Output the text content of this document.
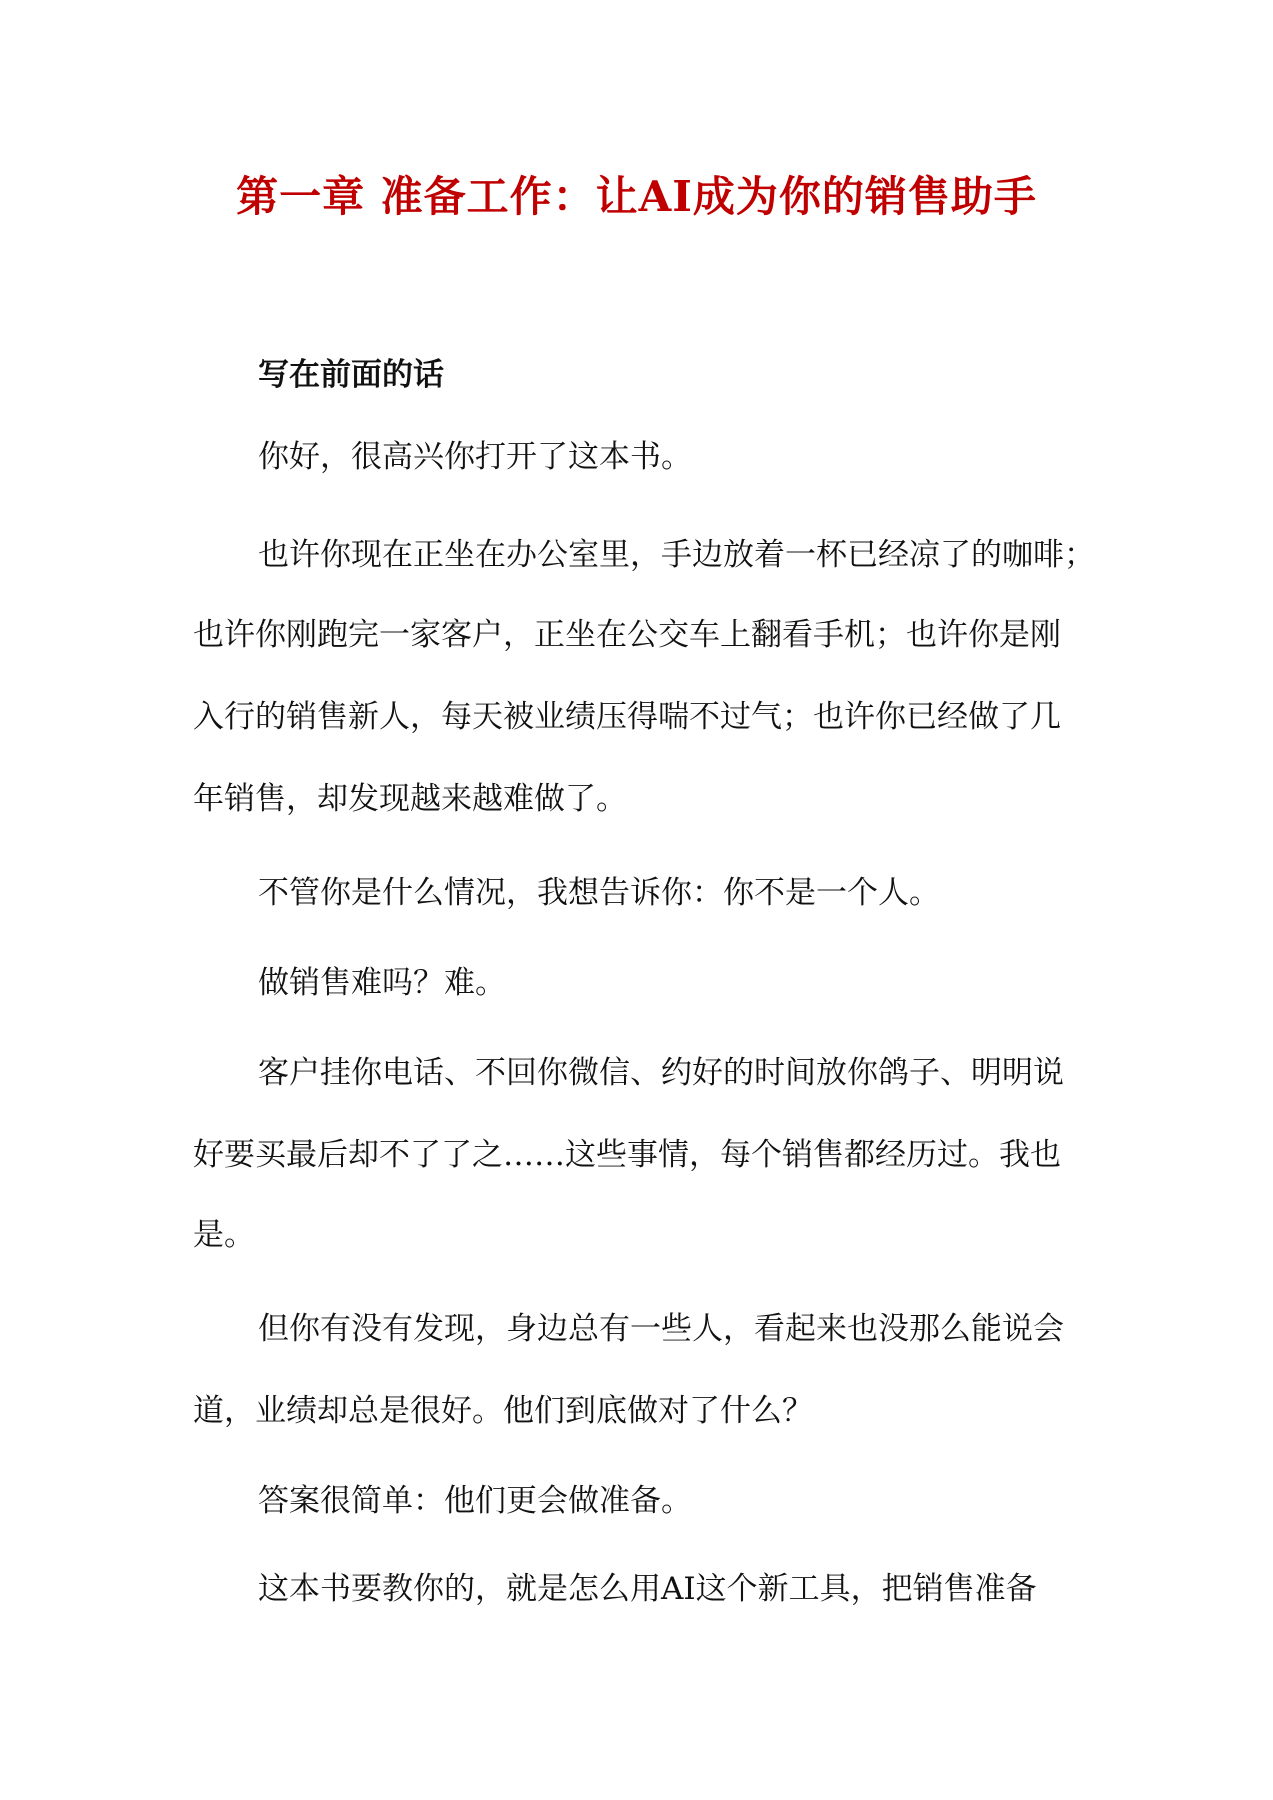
第一章 准备工作：让AI成为你的销售助手
写在前面的话
你好，很高兴你打开了这本书。
也许你现在正坐在办公室里，手边放着一杯已经凉了的咖啡；
也许你刚跑完一家客户，正坐在公交车上翻看手机；也许你是刚
入行的销售新人，每天被业绩压得喘不过气；也许你已经做了几
年销售，却发现越来越难做了。
不管你是什么情况，我想告诉你：你不是一个人。
做销售难吗？难。
客户挂你电话、不回你微信、约好的时间放你鸽子、明明说
好要买最后却不了了之……这些事情，每个销售都经历过。我也
是。
但你有没有发现，身边总有一些人，看起来也没那么能说会
道，业绩却总是很好。他们到底做对了什么？
答案很简单：他们更会做准备。
这本书要教你的，就是怎么用AI这个新工具，把销售准备
